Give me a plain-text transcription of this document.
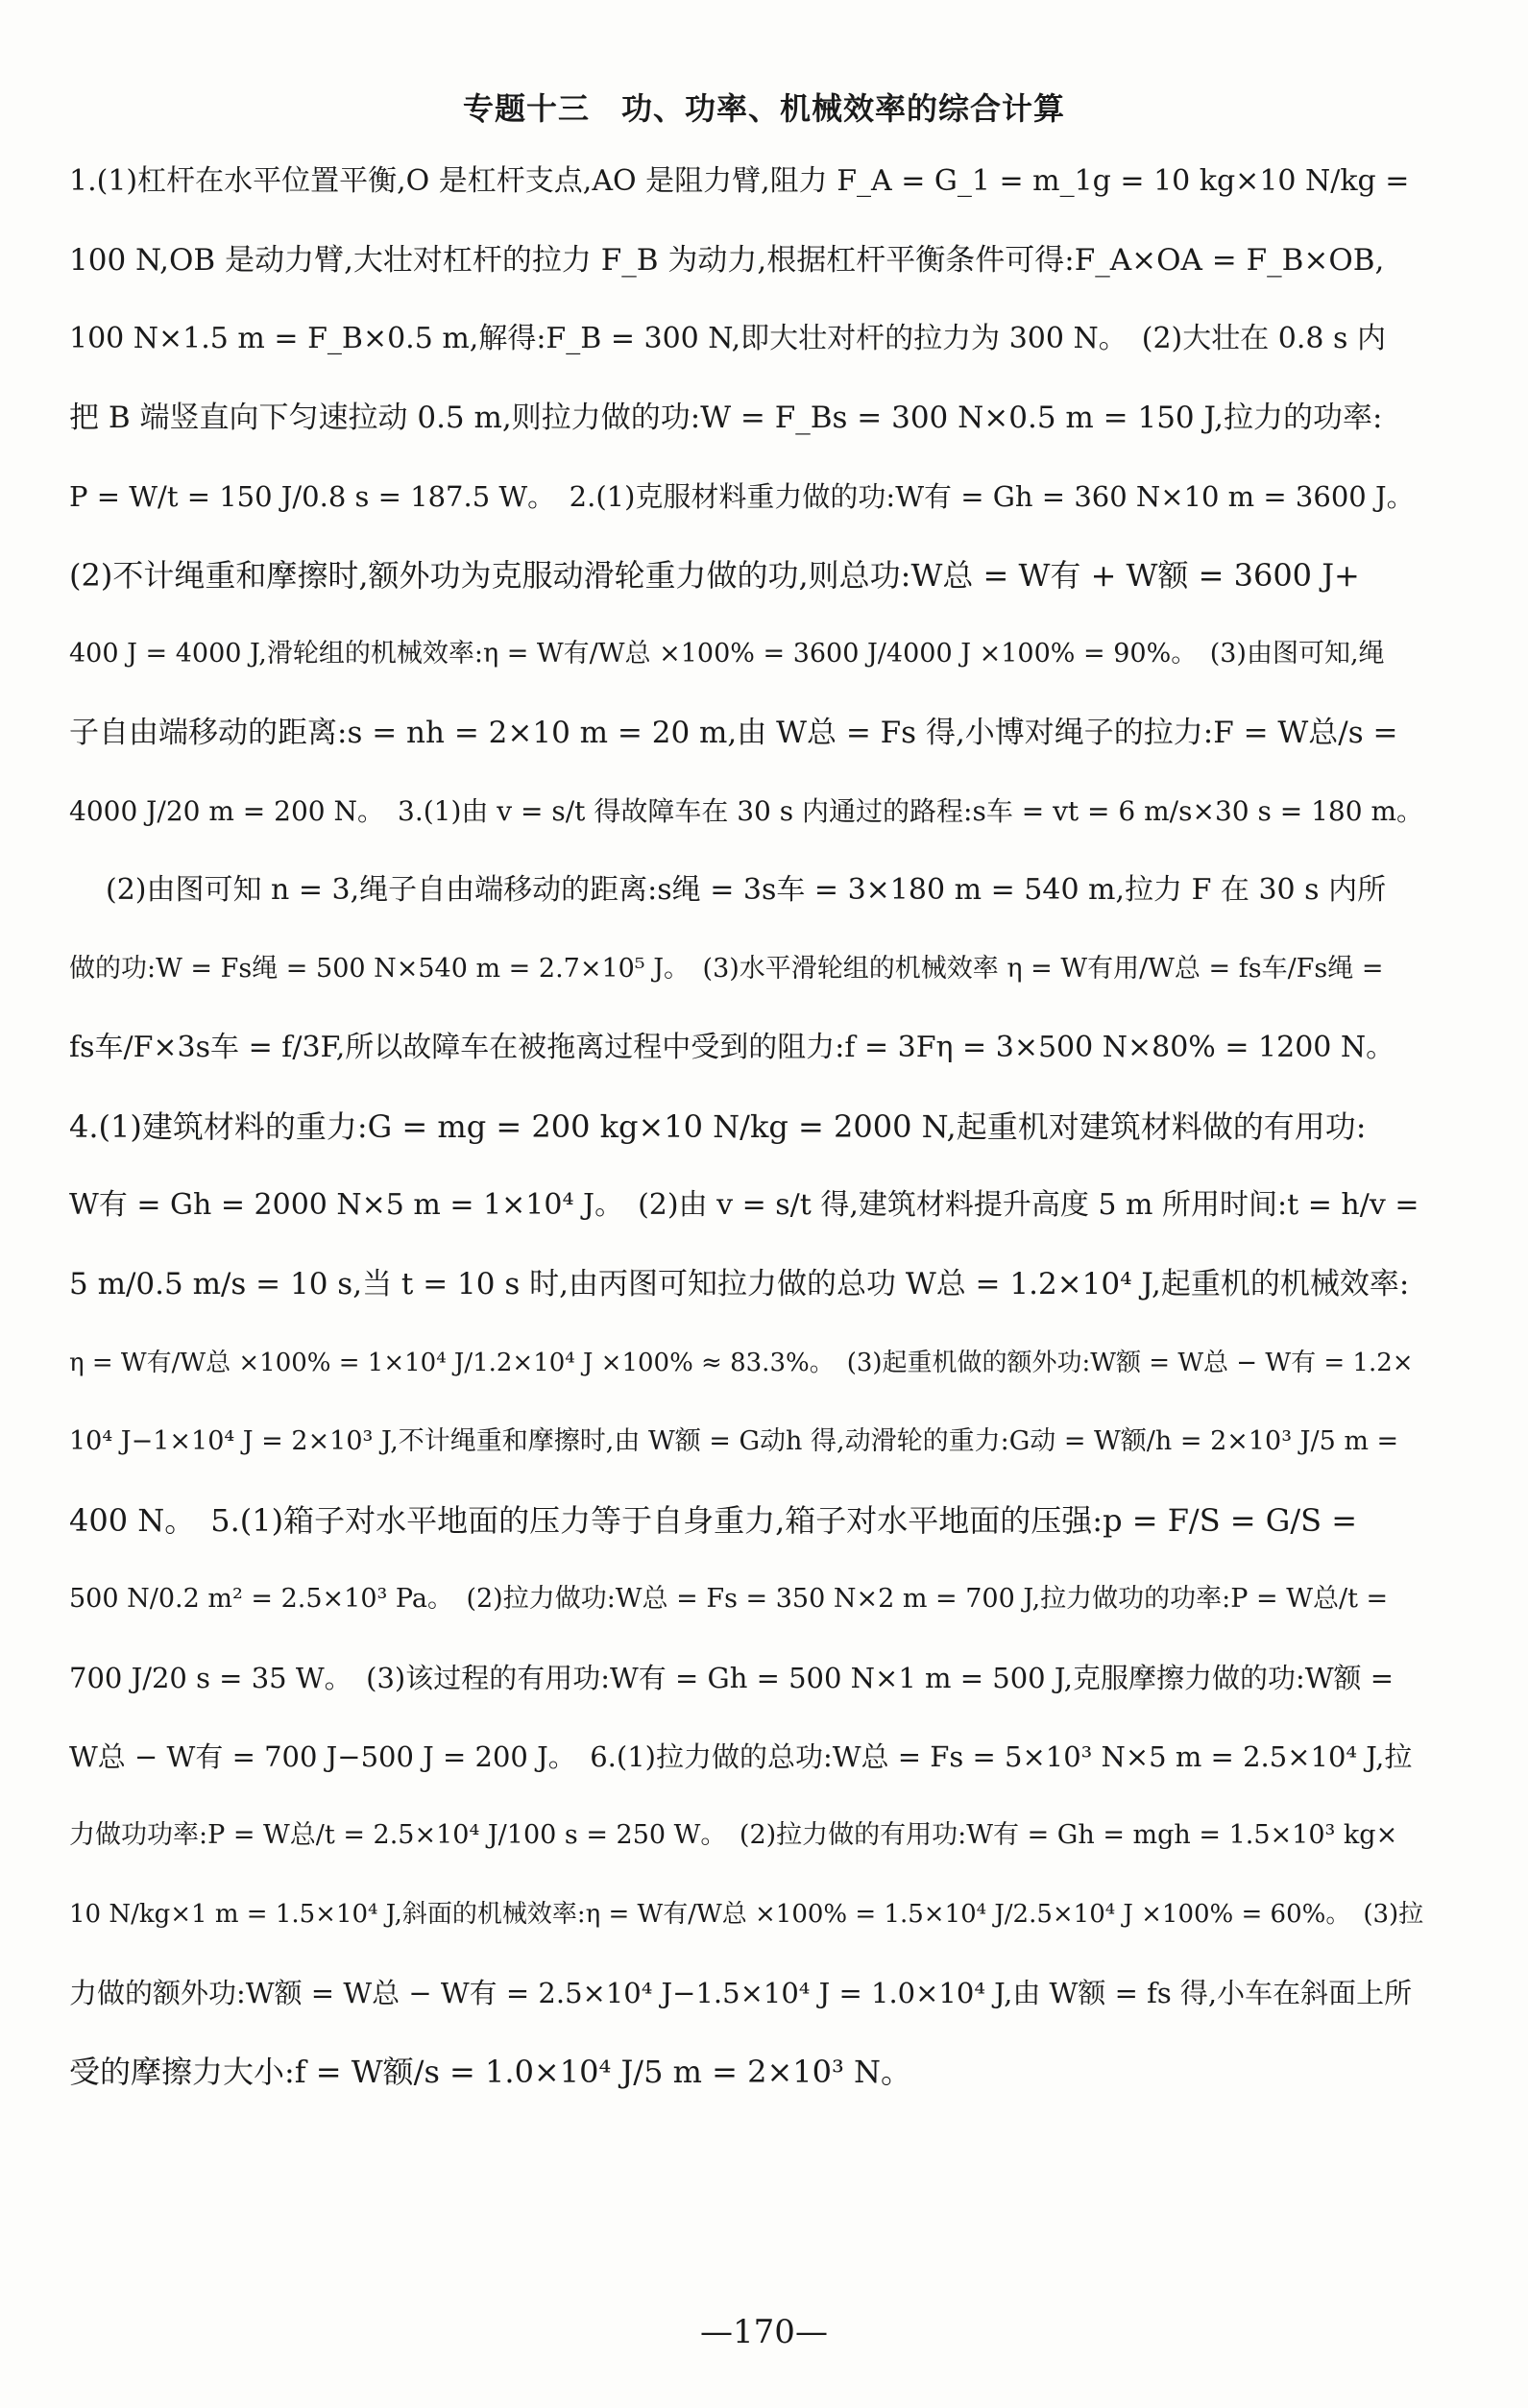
专题十三　功、功率、机械效率的综合计算
1.(1)杠杆在水平位置平衡,O 是杠杆支点,AO 是阻力臂,阻力 F_A = G_1 = m_1g = 10 kg×10 N/kg =
100 N,OB 是动力臂,大壮对杠杆的拉力 F_B 为动力,根据杠杆平衡条件可得:F_A×OA = F_B×OB,
100 N×1.5 m = F_B×0.5 m,解得:F_B = 300 N,即大壮对杆的拉力为 300 N。　(2)大壮在 0.8 s 内
把 B 端竖直向下匀速拉动 0.5 m,则拉力做的功:W = F_Bs = 300 N×0.5 m = 150 J,拉力的功率:
P = W/t = 150 J/0.8 s = 187.5 W。　2.(1)克服材料重力做的功:W有 = Gh = 360 N×10 m = 3600 J。
(2)不计绳重和摩擦时,额外功为克服动滑轮重力做的功,则总功:W总 = W有 + W额 = 3600 J+
400 J = 4000 J,滑轮组的机械效率:η = W有/W总 ×100% = 3600 J/4000 J ×100% = 90%。　(3)由图可知,绳
子自由端移动的距离:s = nh = 2×10 m = 20 m,由 W总 = Fs 得,小博对绳子的拉力:F = W总/s =
4000 J/20 m = 200 N。　3.(1)由 v = s/t 得故障车在 30 s 内通过的路程:s车 = vt = 6 m/s×30 s = 180 m。
(2)由图可知 n = 3,绳子自由端移动的距离:s绳 = 3s车 = 3×180 m = 540 m,拉力 F 在 30 s 内所
做的功:W = Fs绳 = 500 N×540 m = 2.7×10⁵ J。　(3)水平滑轮组的机械效率 η = W有用/W总 = fs车/Fs绳 =
fs车/F×3s车 = f/3F,所以故障车在被拖离过程中受到的阻力:f = 3Fη = 3×500 N×80% = 1200 N。
4.(1)建筑材料的重力:G = mg = 200 kg×10 N/kg = 2000 N,起重机对建筑材料做的有用功:
W有 = Gh = 2000 N×5 m = 1×10⁴ J。　(2)由 v = s/t 得,建筑材料提升高度 5 m 所用时间:t = h/v =
5 m/0.5 m/s = 10 s,当 t = 10 s 时,由丙图可知拉力做的总功 W总 = 1.2×10⁴ J,起重机的机械效率:
η = W有/W总 ×100% = 1×10⁴ J/1.2×10⁴ J ×100% ≈ 83.3%。　(3)起重机做的额外功:W额 = W总 − W有 = 1.2×
10⁴ J−1×10⁴ J = 2×10³ J,不计绳重和摩擦时,由 W额 = G动h 得,动滑轮的重力:G动 = W额/h = 2×10³ J/5 m =
400 N。　5.(1)箱子对水平地面的压力等于自身重力,箱子对水平地面的压强:p = F/S = G/S =
500 N/0.2 m² = 2.5×10³ Pa。　(2)拉力做功:W总 = Fs = 350 N×2 m = 700 J,拉力做功的功率:P = W总/t =
700 J/20 s = 35 W。　(3)该过程的有用功:W有 = Gh = 500 N×1 m = 500 J,克服摩擦力做的功:W额 =
W总 − W有 = 700 J−500 J = 200 J。　6.(1)拉力做的总功:W总 = Fs = 5×10³ N×5 m = 2.5×10⁴ J,拉
力做功功率:P = W总/t = 2.5×10⁴ J/100 s = 250 W。　(2)拉力做的有用功:W有 = Gh = mgh = 1.5×10³ kg×
10 N/kg×1 m = 1.5×10⁴ J,斜面的机械效率:η = W有/W总 ×100% = 1.5×10⁴ J/2.5×10⁴ J ×100% = 60%。　(3)拉
力做的额外功:W额 = W总 − W有 = 2.5×10⁴ J−1.5×10⁴ J = 1.0×10⁴ J,由 W额 = fs 得,小车在斜面上所
受的摩擦力大小:f = W额/s = 1.0×10⁴ J/5 m = 2×10³ N。
—170—
